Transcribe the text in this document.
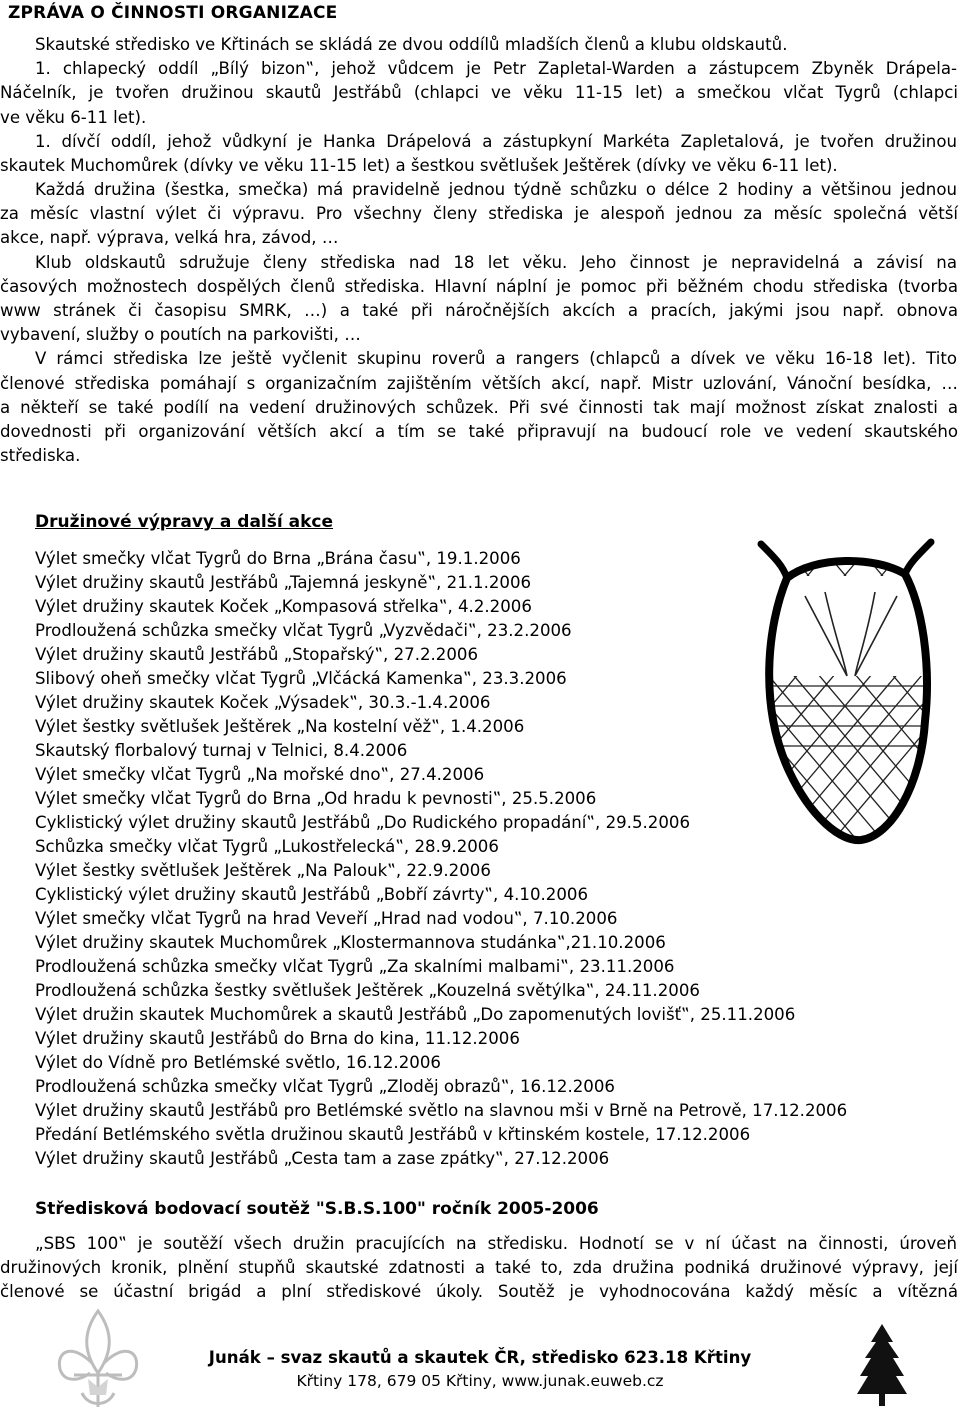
ZPRÁVA O ČINNOSTI ORGANIZACE
Skautské středisko ve Křtinách se skládá ze dvou oddílů mladších členů a klubu oldskautů.
1. chlapecký oddíl „Bílý bizon‟, jehož vůdcem je Petr Zapletal-Warden a zástupcem Zbyněk Drápela-
Náčelník, je tvořen družinou skautů Jestřábů (chlapci ve věku 11-15 let) a smečkou vlčat Tygrů (chlapci
ve věku 6-11 let).
1. dívčí oddíl, jehož vůdkyní je Hanka Drápelová a zástupkyní Markéta Zapletalová, je tvořen družinou
skautek Muchomůrek (dívky ve věku 11-15 let) a šestkou světlušek Ještěrek (dívky ve věku 6-11 let).
Každá družina (šestka, smečka) má pravidelně jednou týdně schůzku o délce 2 hodiny a většinou jednou
za měsíc vlastní výlet či výpravu. Pro všechny členy střediska je alespoň jednou za měsíc společná větší
akce, např. výprava, velká hra, závod, …
Klub oldskautů sdružuje členy střediska nad 18 let věku. Jeho činnost je nepravidelná a závisí na
časových možnostech dospělých členů střediska. Hlavní náplní je pomoc při běžném chodu střediska (tvorba
www stránek či časopisu SMRK, …) a také při náročnějších akcích a pracích, jakými jsou např. obnova
vybavení, služby o poutích na parkovišti, …
V rámci střediska lze ještě vyčlenit skupinu roverů a rangers (chlapců a dívek ve věku 16-18 let). Tito
členové střediska pomáhají s organizačním zajištěním větších akcí, např. Mistr uzlování, Vánoční besídka, …
a někteří se také podílí na vedení družinových schůzek. Při své činnosti tak mají možnost získat znalosti a
dovednosti při organizování větších akcí a tím se také připravují na budoucí role ve vedení skautského
střediska.
Družinové výpravy a další akce
Výlet smečky vlčat Tygrů do Brna „Brána času‟, 19.1.2006
Výlet družiny skautů Jestřábů „Tajemná jeskyně‟, 21.1.2006
Výlet družiny skautek Koček „Kompasová střelka‟, 4.2.2006
Prodloužená schůzka smečky vlčat Tygrů „Vyzvědači‟, 23.2.2006
Výlet družiny skautů Jestřábů „Stopařský‟, 27.2.2006
Slibový oheň smečky vlčat Tygrů „Vlčácká Kamenka‟, 23.3.2006
Výlet družiny skautek Koček „Výsadek‟, 30.3.-1.4.2006
Výlet šestky světlušek Ještěrek „Na kostelní věž‟, 1.4.2006
Skautský florbalový turnaj v Telnici, 8.4.2006
Výlet smečky vlčat Tygrů „Na mořské dno‟, 27.4.2006
Výlet smečky vlčat Tygrů do Brna „Od hradu k pevnosti‟, 25.5.2006
Cyklistický výlet družiny skautů Jestřábů „Do Rudického propadání‟, 29.5.2006
Schůzka smečky vlčat Tygrů „Lukostřelecká‟, 28.9.2006
Výlet šestky světlušek Ještěrek „Na Palouk‟, 22.9.2006
Cyklistický výlet družiny skautů Jestřábů „Bobří závrty‟, 4.10.2006
Výlet smečky vlčat Tygrů na hrad Veveří „Hrad nad vodou‟, 7.10.2006
Výlet družiny skautek Muchomůrek „Klostermannova studánka‟,21.10.2006
Prodloužená schůzka smečky vlčat Tygrů „Za skalními malbami‟, 23.11.2006
Prodloužená schůzka šestky světlušek Ještěrek „Kouzelná světýlka‟, 24.11.2006
Výlet družin skautek Muchomůrek a skautů Jestřábů „Do zapomenutých lovišť‟, 25.11.2006
Výlet družiny skautů Jestřábů do Brna do kina, 11.12.2006
Výlet do Vídně pro Betlémské světlo, 16.12.2006
Prodloužená schůzka smečky vlčat Tygrů „Zloděj obrazů‟, 16.12.2006
Výlet družiny skautů Jestřábů pro Betlémské světlo na slavnou mši v Brně na Petrově, 17.12.2006
Předání Betlémského světla družinou skautů Jestřábů v křtinském kostele, 17.12.2006
Výlet družiny skautů Jestřábů „Cesta tam a zase zpátky‟, 27.12.2006
Středisková bodovací soutěž "S.B.S.100" ročník 2005-2006
„SBS 100‟ je soutěží všech družin pracujících na středisku. Hodnotí se v ní účast na činnosti, úroveň
družinových kronik, plnění stupňů skautské zdatnosti a také to, zda družina podniká družinové výpravy, její
členové se účastní brigád a plní střediskové úkoly. Soutěž je vyhodnocována každý měsíc a vítězná
Junák – svaz skautů a skautek ČR, středisko 623.18 Křtiny
Křtiny 178, 679 05 Křtiny, www.junak.euweb.cz
